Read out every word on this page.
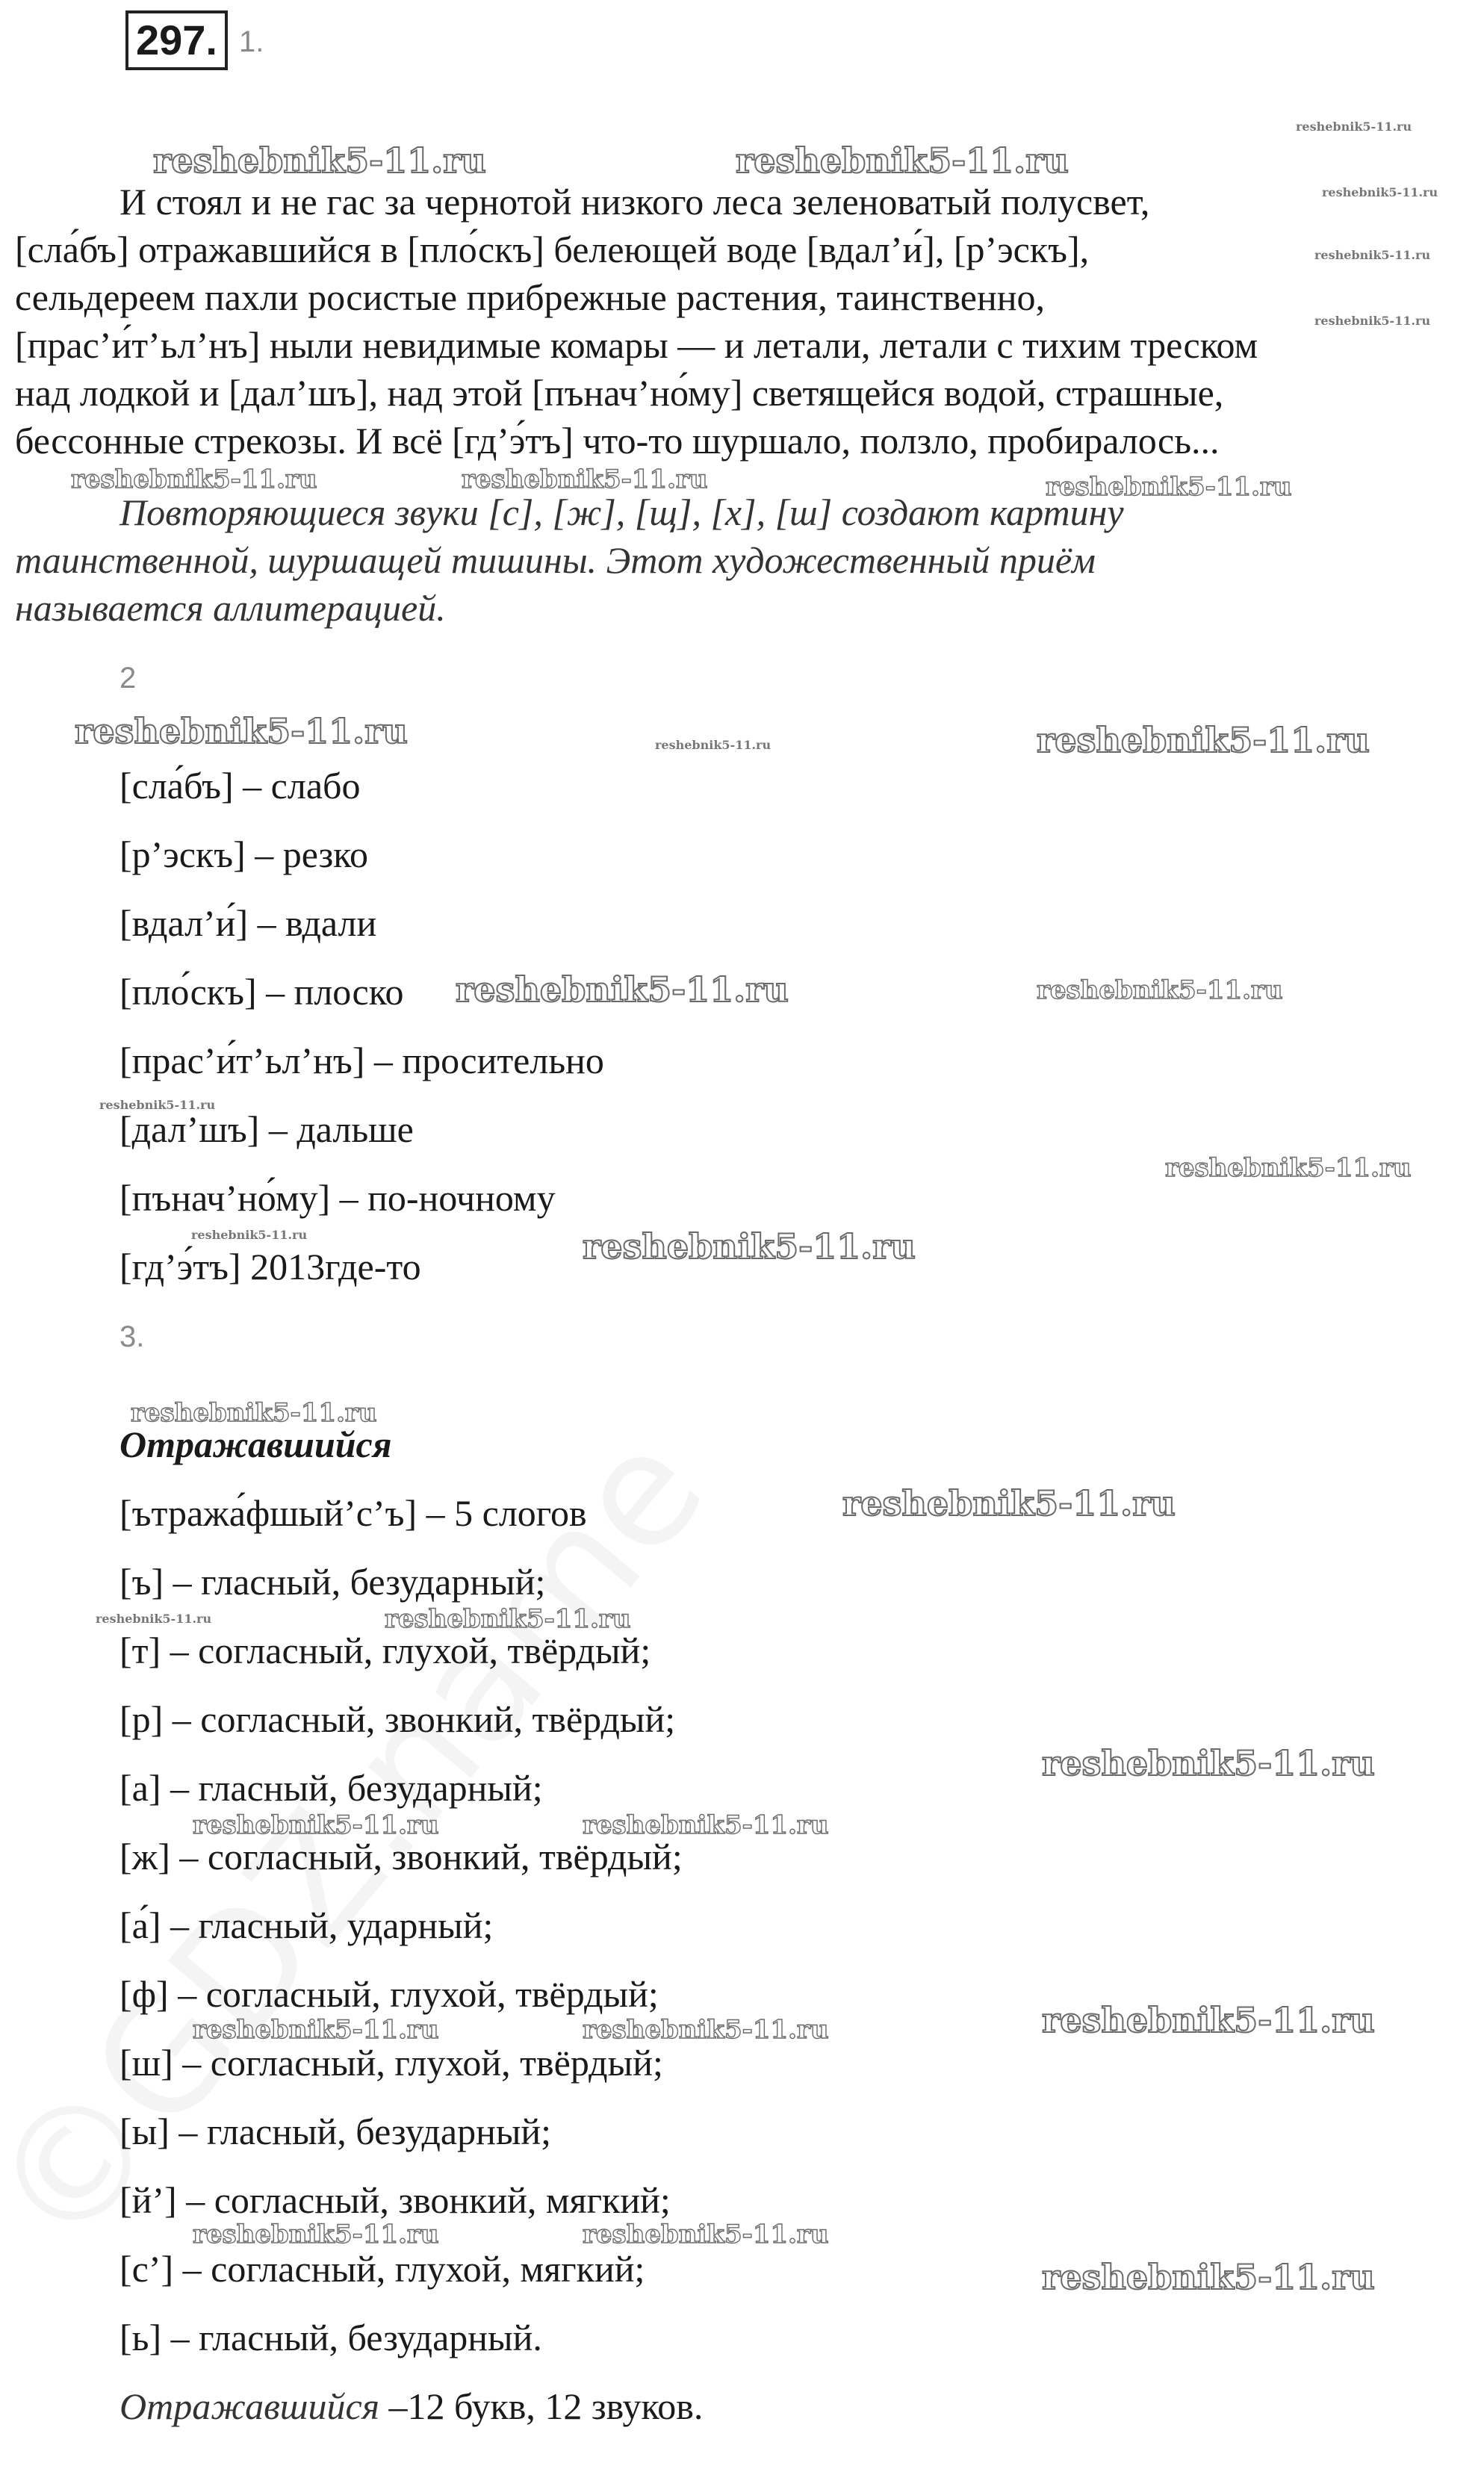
297. 1.
И стоял и не гас за чернотой низкого леса зеленоватый полусвет,
[сла́бъ] отражавшийся в [пло́скъ] белеющей воде [вдал’и́], [р’эскъ],
сельдереем пахли росистые прибрежные растения, таинственно,
[прас’и́т’ьл’нъ] ныли невидимые комары — и летали, летали с тихим треском
над лодкой и [дал’шъ], над этой [пънач’но́му] светящейся водой, страшные,
бессонные стрекозы. И всё [гд’э́тъ] что-то шуршало, ползло, пробиралось...
Повторяющиеся звуки [с], [ж], [щ], [х], [ш] создают картину
таинственной, шуршащей тишины. Этот художественный приём
называется аллитерацией.
2
[сла́бъ] – слабо
[р’эскъ] – резко
[вдал’и́] – вдали
[пло́скъ] – плоско
[прас’и́т’ьл’нъ] – просительно
[дал’шъ] – дальше
[пънач’но́му] – по-ночному
[гд’э́тъ] 2013где-то
3.
Отражавшийся
[ътража́фшый’с’ъ] – 5 слогов
[ъ] – гласный, безударный;
[т] – согласный, глухой, твёрдый;
[р] – согласный, звонкий, твёрдый;
[а] – гласный, безударный;
[ж] – согласный, звонкий, твёрдый;
[а́] – гласный, ударный;
[ф] – согласный, глухой, твёрдый;
[ш] – согласный, глухой, твёрдый;
[ы] – гласный, безударный;
[й’] – согласный, звонкий, мягкий;
[с’] – согласный, глухой, мягкий;
[ь] – гласный, безударный.
Отражавшийся –12 букв, 12 звуков.
reshebnik5-11.ru	reshebnik5-11.ru
reshebnik5-11.ru
reshebnik5-11.ru
reshebnik5-11.ru
reshebnik5-11.ru
reshebnik5-11.ru	reshebnik5-11.ru	reshebnik5-11.ru
reshebnik5-11.ru	reshebnik5-11.ru	reshebnik5-11.ru
reshebnik5-11.ru	reshebnik5-11.ru
reshebnik5-11.ru
reshebnik5-11.ru
reshebnik5-11.ru	reshebnik5-11.ru
reshebnik5-11.ru
reshebnik5-11.ru
reshebnik5-11.ru	reshebnik5-11.ru
reshebnik5-11.ru
reshebnik5-11.ru	reshebnik5-11.ru
reshebnik5-11.ru	reshebnik5-11.ru	reshebnik5-11.ru
reshebnik5-11.ru	reshebnik5-11.ru
reshebnik5-11.ru
